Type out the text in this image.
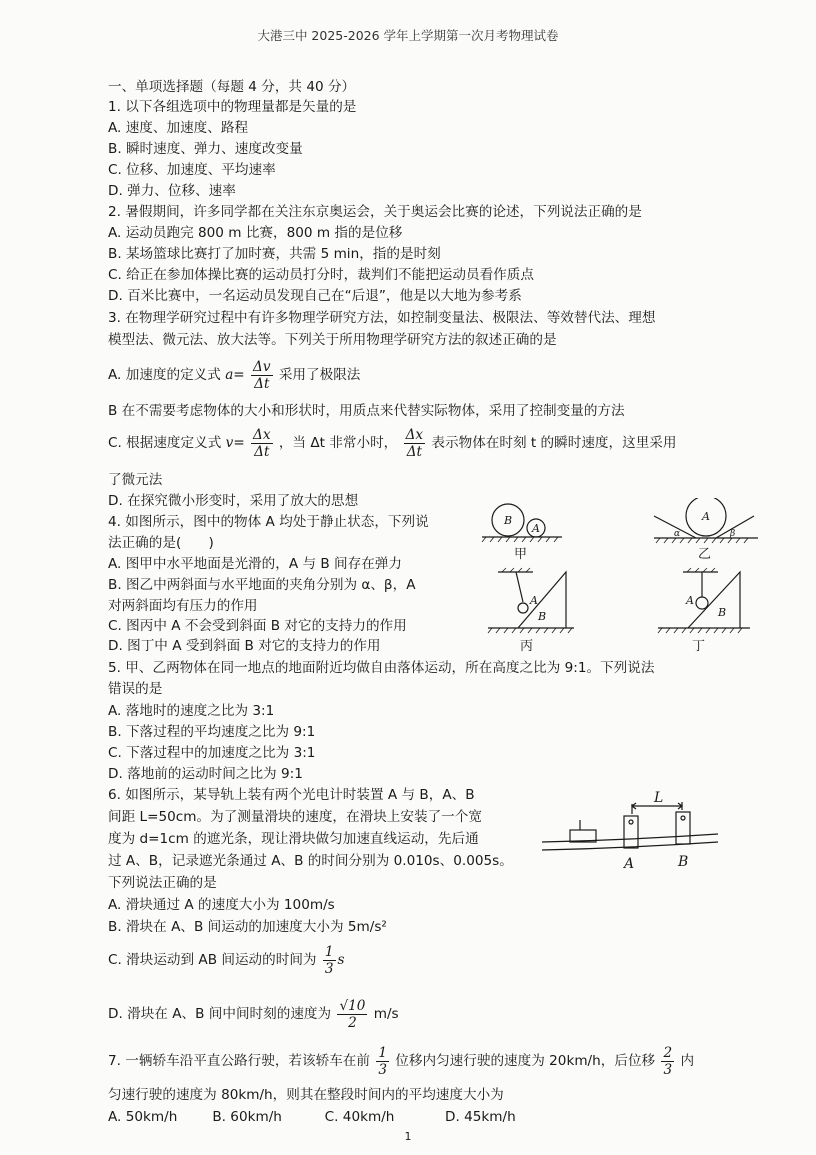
大港三中 2025-2026 学年上学期第一次月考物理试卷
一、单项选择题（每题 4 分，共 40 分）
1. 以下各组选项中的物理量都是矢量的是
A. 速度、加速度、路程
B. 瞬时速度、弹力、速度改变量
C. 位移、加速度、平均速率
D. 弹力、位移、速率
2. 暑假期间，许多同学都在关注东京奥运会，关于奥运会比赛的论述，下列说法正确的是
A. 运动员跑完 800 m 比赛，800 m 指的是位移
B. 某场篮球比赛打了加时赛，共需 5 min，指的是时刻
C. 给正在参加体操比赛的运动员打分时，裁判们不能把运动员看作质点
D. 百米比赛中，一名运动员发现自己在“后退”，他是以大地为参考系
3. 在物理学研究过程中有许多物理学研究方法，如控制变量法、极限法、等效替代法、理想
模型法、微元法、放大法等。下列关于所用物理学研究方法的叙述正确的是
A. 加速度的定义式 $a= \frac{\Delta v}{\Delta t}$ 采用了极限法
B 在不需要考虑物体的大小和形状时，用质点来代替实际物体，采用了控制变量的方法
C. 根据速度定义式 $v= \frac{\Delta x}{\Delta t}$ ，当 Δt 非常小时， $\frac{\Delta x}{\Delta t}$ 表示物体在时刻 t 的瞬时速度，这里采用
了微元法
D. 在探究微小形变时，采用了放大的思想
4. 如图所示，图中的物体 A 均处于静止状态，下列说
法正确的是(　　)
A. 图甲中水平地面是光滑的，A 与 B 间存在弹力
B. 图乙中两斜面与水平地面的夹角分别为 α、β，A
对两斜面均有压力的作用
C. 图丙中 A 不会受到斜面 B 对它的支持力的作用
D. 图丁中 A 受到斜面 B 对它的支持力的作用
B
A
A
α	β
A
B
A
B
甲	乙
丙	丁
5. 甲、乙两物体在同一地点的地面附近均做自由落体运动，所在高度之比为 9:1。下列说法
错误的是
A. 落地时的速度之比为 3:1
B. 下落过程的平均速度之比为 9:1
C. 下落过程中的加速度之比为 3:1
D. 落地前的运动时间之比为 9:1
6. 如图所示，某导轨上装有两个光电计时装置 A 与 B，A、B
间距 L=50cm。为了测量滑块的速度，在滑块上安装了一个宽
度为 d=1cm 的遮光条，现让滑块做匀加速直线运动，先后通
过 A、B，记录遮光条通过 A、B 的时间分别为 0.010s、0.005s。
下列说法正确的是
A. 滑块通过 A 的速度大小为 100m/s
B. 滑块在 A、B 间运动的加速度大小为 5m/s²
C. 滑块运动到 AB 间运动的时间为 $\frac{1}{3}$ s
D. 滑块在 A、B 间中间时刻的速度为 $\frac{√10}{2} m/s$
L
A	B
7. 一辆轿车沿平直公路行驶，若该轿车在前 $\frac{1}{3}$ 位移内匀速行驶的速度为 20km/h，后位移 $\frac{2}{3}$ 内
匀速行驶的速度为 80km/h，则其在整段时间内的平均速度大小为
A. 50km/h	B. 60km/h	C. 40km/h	D. 45km/h
1
